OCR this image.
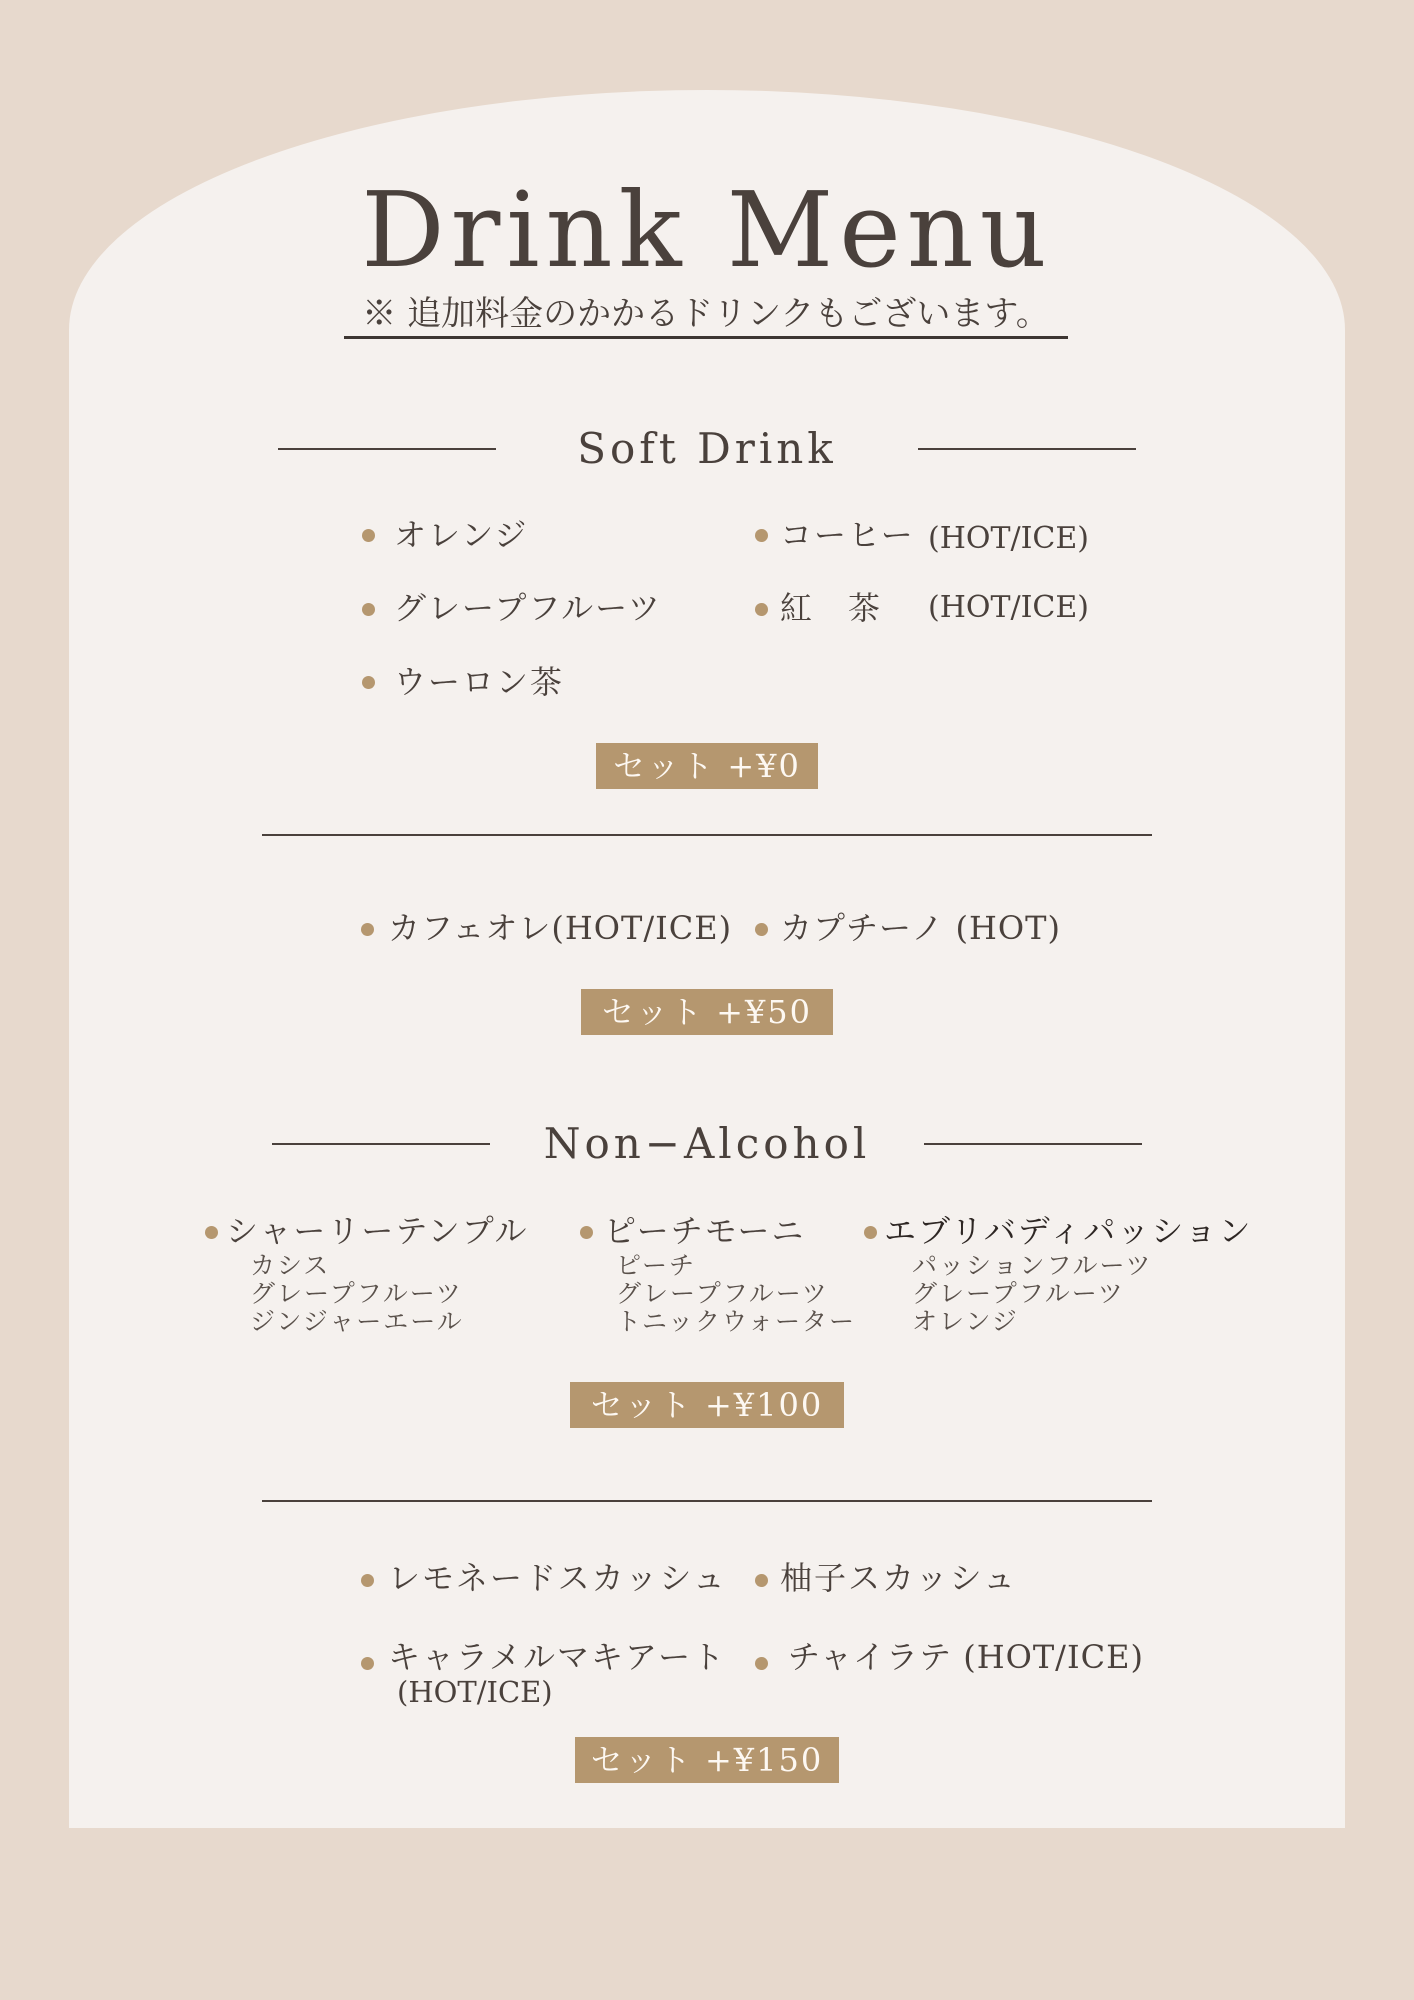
Drink Menu
※ 追加料金のかかるドリンクもございます。
Soft Drink
オレンジ
グレープフルーツ
ウーロン茶
コーヒー (HOT/ICE)
紅　茶 (HOT/ICE)
セット +¥0
カフェオレ(HOT/ICE) カプチーノ (HOT)
セット +¥50
Non−Alcohol
シャーリーテンプル
カシス
グレープフルーツ
ジンジャーエール
ピーチモーニ
ピーチ
グレープフルーツ
トニックウォーター
エブリバディパッション
パッションフルーツ
グレープフルーツ
オレンジ
セット +¥100
レモネードスカッシュ 柚子スカッシュ
キャラメルマキアート
(HOT/ICE)
チャイラテ (HOT/ICE)
セット +¥150
